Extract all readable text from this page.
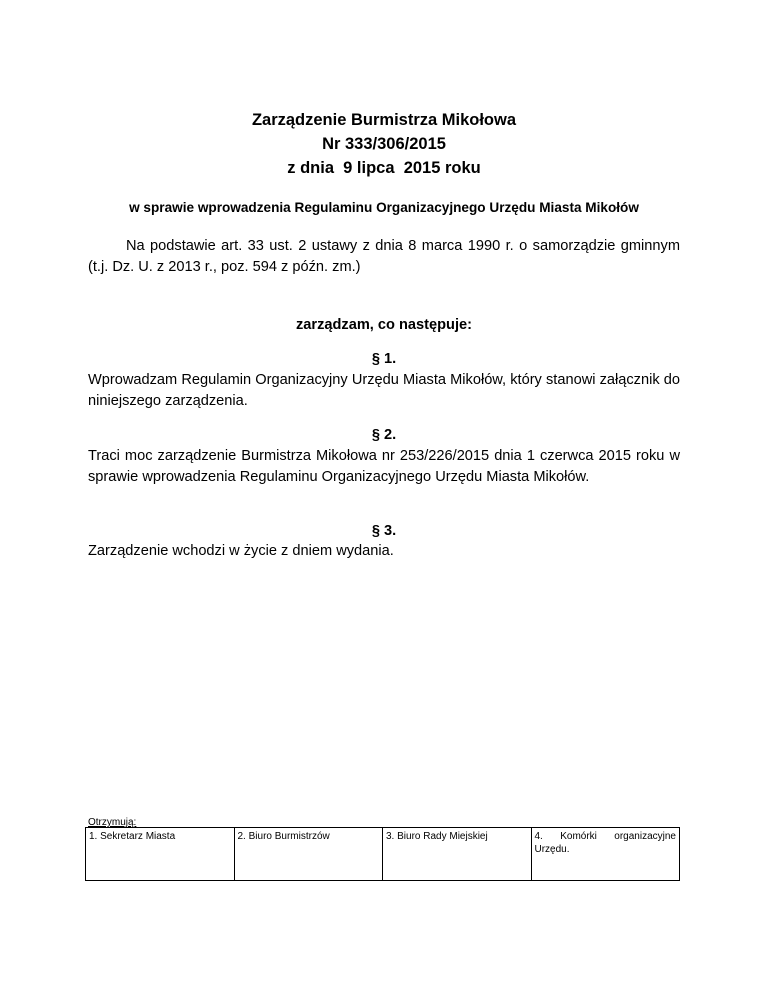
Zarządzenie Burmistrza Mikołowa
Nr 333/306/2015
z dnia  9 lipca  2015 roku
w sprawie wprowadzenia Regulaminu Organizacyjnego Urzędu Miasta Mikołów
Na podstawie art. 33 ust. 2 ustawy z dnia 8 marca 1990 r. o samorządzie gminnym (t.j. Dz. U. z 2013 r., poz. 594 z późn. zm.)
zarządzam, co następuje:
§ 1.
Wprowadzam Regulamin Organizacyjny Urzędu Miasta Mikołów, który stanowi załącznik do niniejszego zarządzenia.
§ 2.
Traci moc zarządzenie Burmistrza Mikołowa nr 253/226/2015 dnia 1 czerwca 2015 roku w sprawie wprowadzenia Regulaminu Organizacyjnego Urzędu Miasta Mikołów.
§ 3.
Zarządzenie wchodzi w życie z dniem wydania.
Otrzymują:
1. Sekretarz Miasta	2. Biuro Burmistrzów	3. Biuro Rady Miejskiej	4. Komórki organizacyjne Urzędu.
